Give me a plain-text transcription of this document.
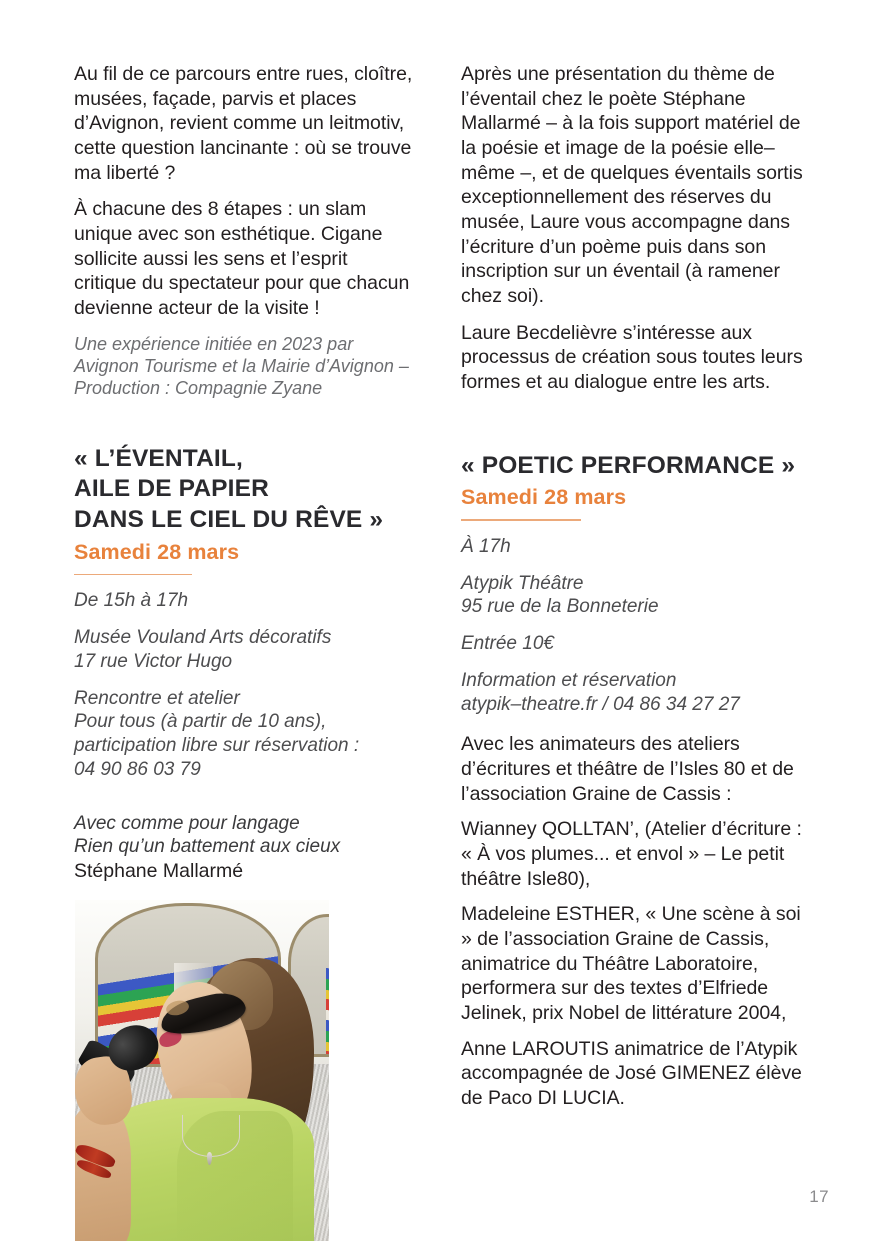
Au fil de ce parcours entre rues, cloître, musées, façade, parvis et places d’Avignon, revient comme un leitmotiv, cette question lancinante : où se trouve ma liberté ?

À chacune des 8 étapes : un slam unique avec son esthétique. Cigane sollicite aussi les sens et l’esprit critique du spectateur pour que chacun devienne acteur de la visite !

Une expérience initiée en 2023 par Avignon Tourisme et la Mairie d’Avignon – Production : Compagnie Zyane

« L’ÉVENTAIL,
AILE DE PAPIER
DANS LE CIEL DU RÊVE »
Samedi 28 mars
De 15h à 17h
Musée Vouland Arts décoratifs
17 rue Victor Hugo
Rencontre et atelier
Pour tous (à partir de 10 ans),
participation libre sur réservation :
04 90 86 03 79

Avec comme pour langage
Rien qu’un battement aux cieux

Stéphane Mallarmé

Après une présentation du thème de l’éventail chez le poète Stéphane Mallarmé – à la fois support matériel de la poésie et image de la poésie elle–même –, et de quelques éventails sortis exceptionnellement des réserves du musée, Laure vous accompagne dans l’écriture d’un poème puis dans son inscription sur un éventail (à ramener chez soi).

Laure Becdelièvre s’intéresse aux processus de création sous toutes leurs formes et au dialogue entre les arts.

« POETIC PERFORMANCE »
Samedi 28 mars
À 17h
Atypik Théâtre
95 rue de la Bonneterie
Entrée 10€
Information et réservation
atypik–theatre.fr / 04 86 34 27 27

Avec les animateurs des ateliers d’écritures et théâtre de l’Isles 80 et de l’association Graine de Cassis :

Wianney QOLLTAN’, (Atelier d’écriture : « À vos plumes... et envol » – Le petit théâtre Isle80),

Madeleine ESTHER, « Une scène à soi » de l’association Graine de Cassis, animatrice du Théâtre Laboratoire, performera sur des textes d’Elfriede Jelinek, prix Nobel de littérature 2004,

Anne LAROUTIS animatrice de l’Atypik accompagnée de José GIMENEZ élève de Paco DI LUCIA.

17
